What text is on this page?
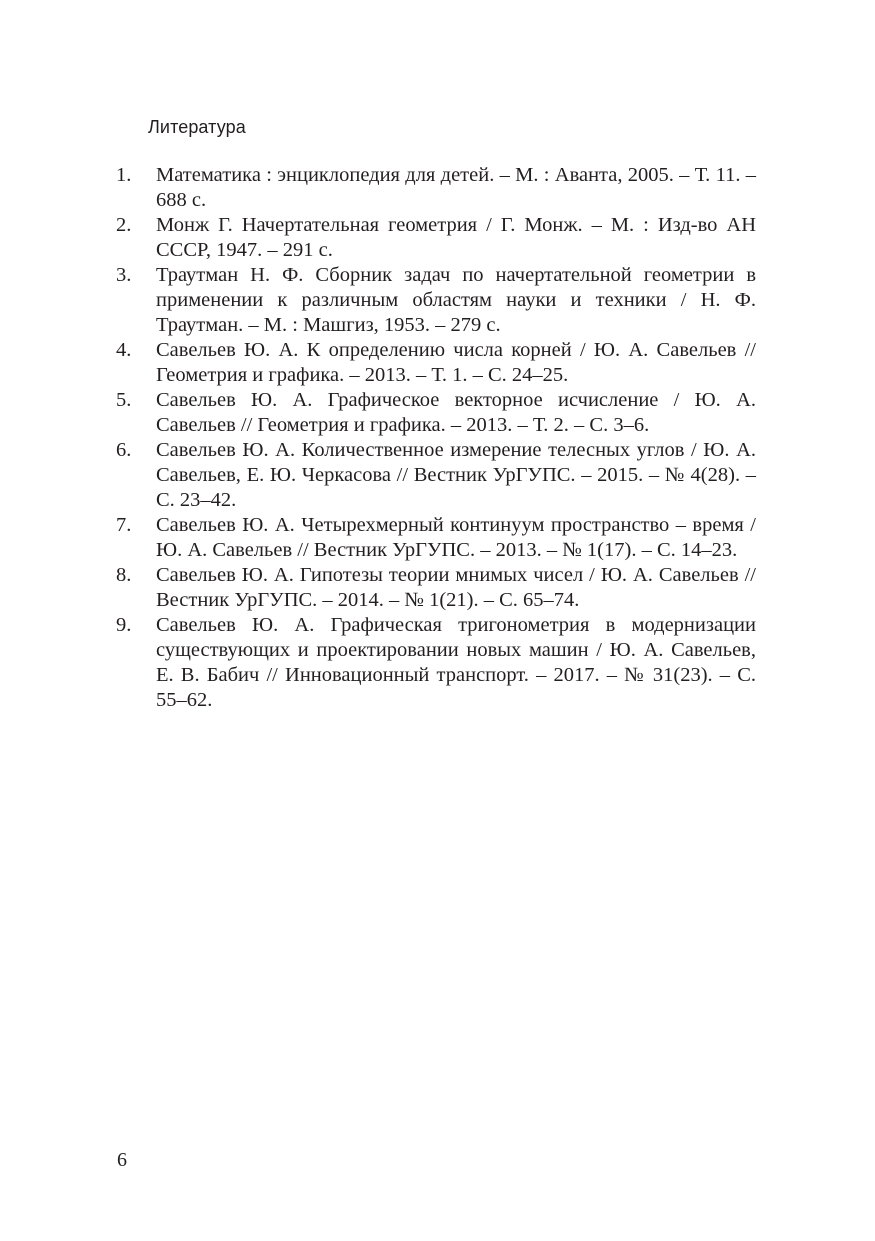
Литература
1.	Математика : энциклопедия для детей. – М. : Аванта, 2005. – Т. 11. – 688 с.
2.	Монж Г. Начертательная геометрия / Г. Монж. – М. : Изд-во АН СССР, 1947. – 291 с.
3.	Траутман Н. Ф. Сборник задач по начертательной геометрии в применении к различным областям науки и техники / Н. Ф. Траутман. – М. : Машгиз, 1953. – 279 с.
4.	Савельев Ю. А. К определению числа корней / Ю. А. Савельев // Геометрия и графика. – 2013. – Т. 1. – С. 24–25.
5.	Савельев Ю. А. Графическое векторное исчисление / Ю. А. Савельев // Геометрия и графика. – 2013. – Т. 2. – С. 3–6.
6.	Савельев Ю. А. Количественное измерение телесных углов / Ю. А. Савельев, Е. Ю. Черкасова // Вестник УрГУПС. – 2015. – № 4(28). – С. 23–42.
7.	Савельев Ю. А. Четырехмерный континуум пространство – время / Ю. А. Савельев // Вестник УрГУПС. – 2013. – № 1(17). – С. 14–23.
8.	Савельев Ю. А. Гипотезы теории мнимых чисел / Ю. А. Савельев // Вестник УрГУПС. – 2014. – № 1(21). – С. 65–74.
9.	Савельев Ю. А. Графическая тригонометрия в модернизации существующих и проектировании новых машин / Ю. А. Савельев, Е. В. Бабич // Инновационный транспорт. – 2017. – № 31(23). – С. 55–62.
6
